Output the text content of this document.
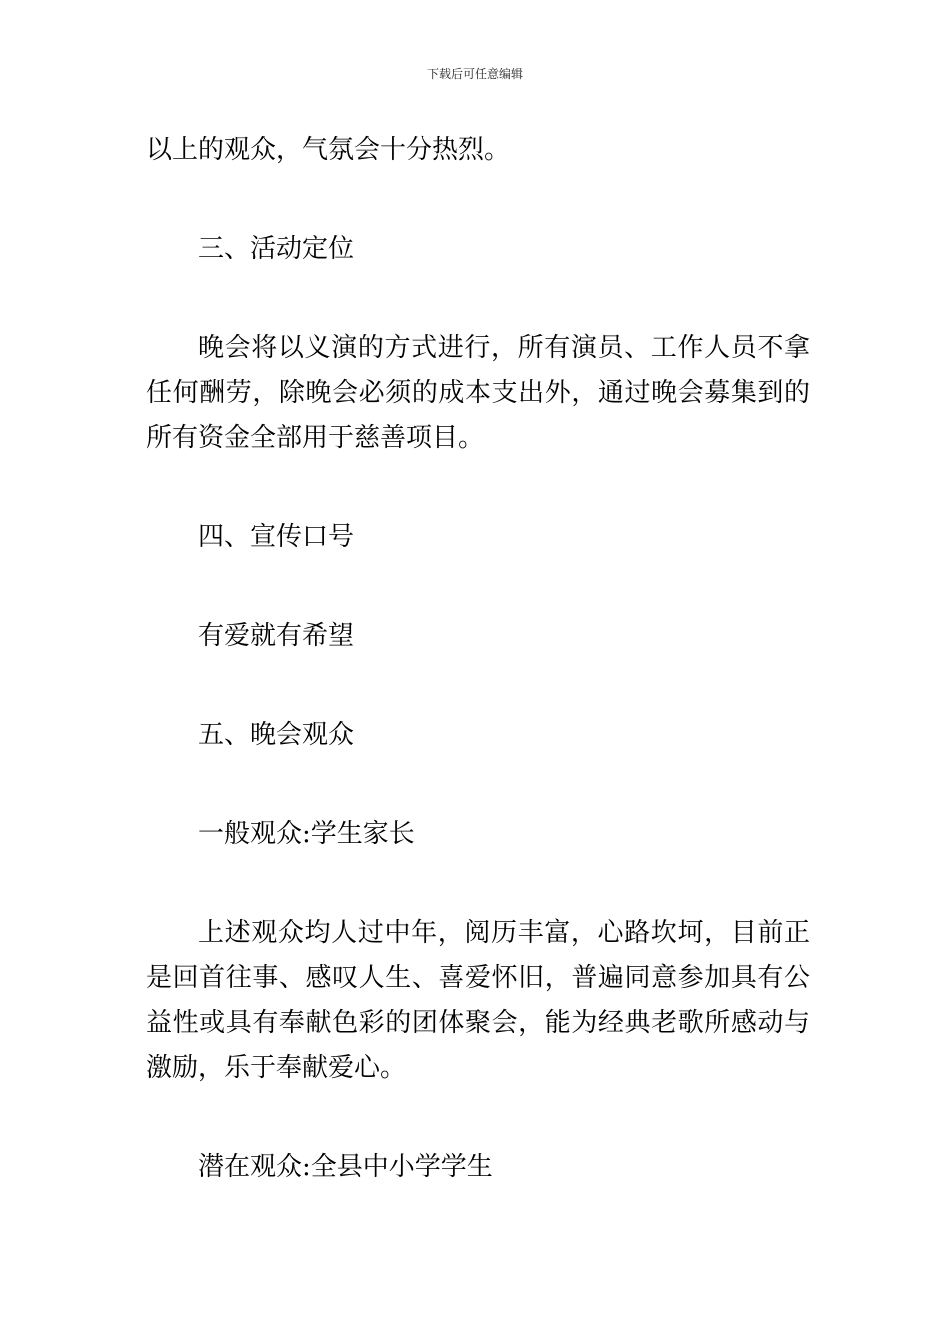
下载后可任意编辑

以上的观众，气氛会十分热烈。

三、活动定位

晚会将以义演的方式进行，所有演员、工作人员不拿任何酬劳，除晚会必须的成本支出外，通过晚会募集到的所有资金全部用于慈善项目。

四、宣传口号

有爱就有希望

五、晚会观众

一般观众:学生家长

上述观众均人过中年，阅历丰富，心路坎坷，目前正是回首往事、感叹人生、喜爱怀旧，普遍同意参加具有公益性或具有奉献色彩的团体聚会，能为经典老歌所感动与激励，乐于奉献爱心。

潜在观众:全县中小学学生
